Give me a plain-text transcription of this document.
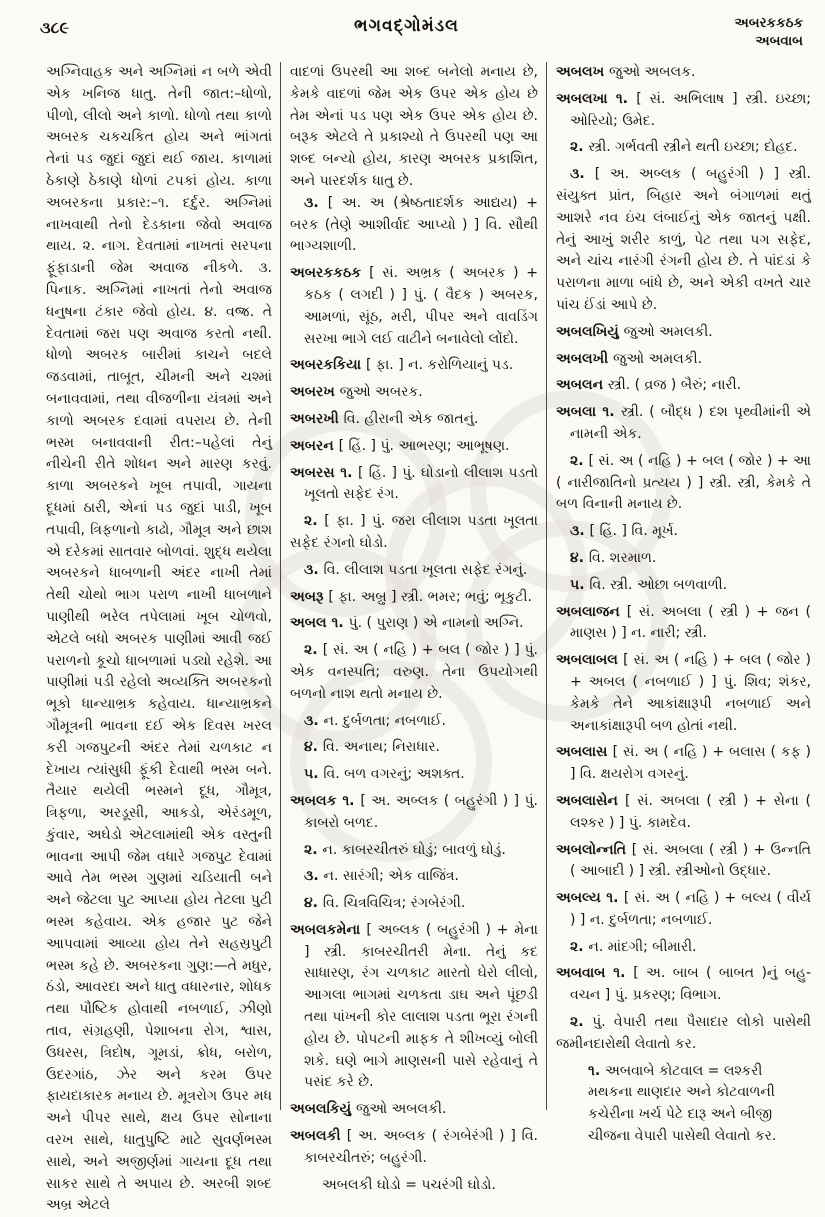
૩૮૯	ભગવદ્ગોમંડલ	અબરકકઠક
અબવાબ
અગ્નિવાહક અને અગ્નિમાં ન બળે એવી એક ખનિજ ધાતુ. તેની જાત:–ધોળો, પીળો, લીલો અને કાળો. ધોળો તથા કાળો અબરક ચકચકિત હોય અને ભાંગતાં તેનાં પડ જુદાં જુદાં થઈ જાય. કાળામાં ઠેકાણે ઠેકાણે ધોળાં ટપકાં હોય. કાળા અબરકના પ્રકાર:–૧. દર્દુર. અગ્નિમાં નાખવાથી તેનો દેડકાના જેવો અવાજ થાય. ૨. નાગ. દેવતામાં નાખતાં સરપના ફૂંફાડાની જેમ અવાજ નીકળે. ૩. પિનાક. અગ્નિમાં નાખતાં તેનો અવાજ ધનુષના ટંકાર જેવો હોય. ૪. વજ્ર. તે દેવતામાં જરા પણ અવાજ કરતો નથી. ધોળો અબરક બારીમાં કાચને બદલે જડવામાં, તાબૂત, ચીમની અને ચશ્માં બનાવવામાં, તથા વીજળીના યંત્રમાં અને કાળો અબરક દવામાં વપરાય છે. તેની ભસ્મ બનાવવાની રીત:–પહેલાં તેનું નીચેની રીતે શોધન અને મારણ કરવું. કાળા અબરકને ખૂબ તપાવી, ગાયના દૂધમાં ઠારી, એનાં પડ જુદાં પાડી, ખૂબ તપાવી, ત્રિફળાનો કાઢો, ગૌમૂત્ર અને છાશ એ દરેકમાં સાતવાર બોળવાં. શુદ્ધ થયેલા અબરકને ધાબળાની અંદર નાખી તેમાં તેથી ચોથો ભાગ પરાળ નાખી ધાબળાને પાણીથી ભરેલ તપેલામાં ખૂબ ચોળવો, એટલે બધો અબરક પાણીમાં આવી જઈ પરાળનો કૂચો ધાબળામાં પડ્યો રહેશે. આ પાણીમાં પડી રહેલો અવ્યક્તિ અબરકનો ભૂકો ધાન્યાભ્રક કહેવાય. ધાન્યાભ્રકને ગૌમૂત્રની ભાવના દઈ એક દિવસ ખરલ કરી ગજપુટની અંદર તેમાં ચળકાટ ન દેખાય ત્યાંસુધી ફૂંકી દેવાથી ભસ્મ બને. તૈયાર થયેલી ભસ્મને દૂધ, ગૌમૂત્ર, ત્રિફળા, અરડૂસી, આકડો, એરંડમૂળ, કુંવાર, અઘેડો એટલામાંથી એક વસ્તુની ભાવના આપી જેમ વધારે ગજપુટ દેવામાં આવે તેમ ભસ્મ ગુણમાં ચડિયાતી બને અને જેટલા પુટ આપ્યા હોય તેટલા પુટી ભસ્મ કહેવાય. એક હજાર પુટ જેને આપવામાં આવ્યા હોય તેને સહસ્રપુટી ભસ્મ કહે છે. અબરકના ગુણ:—તે મધુર, ઠંડો, આવરદા અને ધાતુ વધારનાર, શોધક તથા પૌષ્ટિક હોવાથી નબળાઈ, ઝીણો તાવ, સંગ્રહણી, પેશાબના રોગ, શ્વાસ, ઉધરસ, ત્રિદોષ, ગૂમડાં, ક્રોધ, બરોળ, ઉદરગાંઠ, ઝેર અને કરમ ઉપર ફાયદાકારક મનાય છે. મૂત્રરોગ ઉપર મધ અને પીપર સાથે, ક્ષય ઉપર સોનાના વરખ સાથે, ધાતુપુષ્ટિ માટે સુવર્ણભસ્મ સાથે, અને અજીર્ણમાં ગાયના દૂધ તથા સાકર સાથે તે અપાય છે. અરબી શબ્દ અબ્ર એટલે
વાદળાં ઉપરથી આ શબ્દ બનેલો મનાય છે, કેમકે વાદળાં જેમ એક ઉપર એક હોય છે તેમ એનાં પડ પણ એક ઉપર એક હોય છે. બરૂક એટલે તે પ્રકાશ્યો તે ઉપરથી પણ આ શબ્દ બન્યો હોય, કારણ અબરક પ્રકાશિત, અને પારદર્શક ધાતુ છે.
૩. [ અ. અ (શ્રેષ્ઠતાદર્શક આદ્યય) + બરક (તેણે આશીર્વાદ આપ્યો ) ] વિ. સૌથી ભાગ્યશાળી.
અબરકકઠક [ સં. અભ્રક ( અબરક ) + કઠક ( લગદી ) ] પું. ( વૈદક ) અબરક, આમળાં, સૂંઠ, મરી, પીપર અને વાવડિંગ સરખા ભાગે લઈ વાટીને બનાવેલો લોંદો.
અબરકકિયા [ ફા. ] ન. કરોળિયાનું પડ.
અબરખ જુઓ અબરક.
અબરખી વિ. હીરાની એક જાતનું.
અબરન [ હિં. ] પું. આભરણ; આભૂષણ.
અબરસ ૧. [ હિં. ] પું. ઘોડાનો લીલાશ પડતો ખૂલતો સફેદ રંગ.
૨. [ ફા. ] પું. જરા લીલાશ પડતા ખૂલતા સફેદ રંગનો ઘોડો.
૩. વિ. લીલાશ પડતા ખૂલતા સફેદ રંગનું.
અબરૂ [ ફા. અબ્રુ ] સ્ત્રી. ભમર; ભવું; ભૃકુટી.
અબલ ૧. પું. ( પુરાણ ) એ નામનો અગ્નિ.
૨. [ સં. અ ( નહિ ) + બલ ( જોર ) ] પું. એક વનસ્પતિ; વરુણ. તેના ઉપયોગથી બળનો નાશ થતો મનાય છે.
૩. ન. દુર્બળતા; નબળાઈ.
૪. વિ. અનાથ; નિરાધાર.
૫. વિ. બળ વગરનું; અશક્ત.
અબલક ૧. [ અ. અબ્લક ( બહુરંગી ) ] પું. કાબરો બળદ.
૨. ન. કાબરચીતરું ઘોડું; બાવળું ઘોડું.
૩. ન. સારંગી; એક વાજિંત્ર.
૪. વિ. ચિત્રવિચિત્ર; રંગબેરંગી.
અબલકમેના [ અબ્લક ( બહુરંગી ) + મેના ] સ્ત્રી. કાબરચીતરી મેના. તેનું કદ સાધારણ, રંગ ચળકાટ મારતો ઘેરો લીલો, આગલા ભાગમાં ચળકતા ડાઘ અને પૂંછડી તથા પાંખની કોર લાલાશ પડતા ભૂરા રંગની હોય છે. પોપટની માફક તે શીખવ્યું બોલી શકે. ઘણે ભાગે માણસની પાસે રહેવાનું તે પસંદ કરે છે.
અબલકિયું જુઓ અબલકી.
અબલકી [ અ. અબ્લક ( રંગબેરંગી ) ] વિ. કાબરચીતરું; બહુરંગી.
અબલકી ઘોડો = પચરંગી ઘોડો.
અબલખ જુઓ અબલક.
અબલખા ૧. [ સં. અભિલાષ ] સ્ત્રી. ઇચ્છા; ઓરિયો; ઉમેદ.
૨. સ્ત્રી. ગર્ભવતી સ્ત્રીને થતી ઇચ્છા; દોહદ.
૩. [ અ. અબ્લક ( બહુરંગી ) ] સ્ત્રી. સંયુક્ત પ્રાંત, બિહાર અને બંગાળમાં થતું આશરે નવ ઇંચ લંબાઈનું એક જાતનું પક્ષી. તેનું આખું શરીર કાળું, પેટ તથા પગ સફેદ, અને ચાંચ નારંગી રંગની હોય છે. તે પાંદડાં કે પરાળના માળા બાંધે છે, અને એકી વખતે ચાર પાંચ ઈંડાં આપે છે.
અબલખિયું જુઓ અમલકી.
અબલખી જુઓ અમલકી.
અબલન સ્ત્રી. ( વ્રજ ) બૈરું; નારી.
અબલા ૧. સ્ત્રી. ( બૌદ્ધ ) દશ પૃથ્વીમાંની એ નામની એક.
૨. [ સં. અ ( નહિ ) + બલ ( જોર ) + આ ( નારીજાતિનો પ્રત્યય ) ] સ્ત્રી. સ્ત્રી, કેમકે તે બળ વિનાની મનાય છે.
૩. [ હિં. ] વિ. મૂર્ખ.
૪. વિ. શરમાળ.
૫. વિ. સ્ત્રી. ઓછા બળવાળી.
અબલાજન [ સં. અબલા ( સ્ત્રી ) + જન ( માણસ ) ] ન. નારી; સ્ત્રી.
અબલાબલ [ સં. અ ( નહિ ) + બલ ( જોર ) + અબલ ( નબળાઈ ) ] પું. શિવ; શંકર, કેમકે તેને આકાંક્ષારૂપી નબળાઈ અને અનાકાંક્ષારૂપી બળ હોતાં નથી.
અબલાસ [ સં. અ ( નહિ ) + બલાસ ( કફ ) ] વિ. ક્ષયરોગ વગરનું.
અબલાસેન [ સં. અબલા ( સ્ત્રી ) + સેના ( લશ્કર ) ] પું. કામદેવ.
અબલોન્નતિ [ સં. અબલા ( સ્ત્રી ) + ઉન્નતિ ( આબાદી ) ] સ્ત્રી. સ્ત્રીઓનો ઉદ્ધાર.
અબલ્ય ૧. [ સં. અ ( નહિ ) + બલ્ય ( વીર્ય ) ] ન. દુર્બળતા; નબળાઈ.
૨. ન. માંદગી; બીમારી.
અબવાબ ૧. [ અ. બાબ ( બાબત )નું બહુવચન ] પું. પ્રકરણ; વિભાગ.
૨. પું. વેપારી તથા પૈસાદાર લોકો પાસેથી જમીનદારોથી લેવાતો કર.
૧. અબવાબે કોટવાલ = લશ્કરી મથકના થાણદાર અને કોટવાળની કચેરીના ખર્ચ પેટે દારૂ અને બીજી ચીજના વેપારી પાસેથી લેવાતો કર.
